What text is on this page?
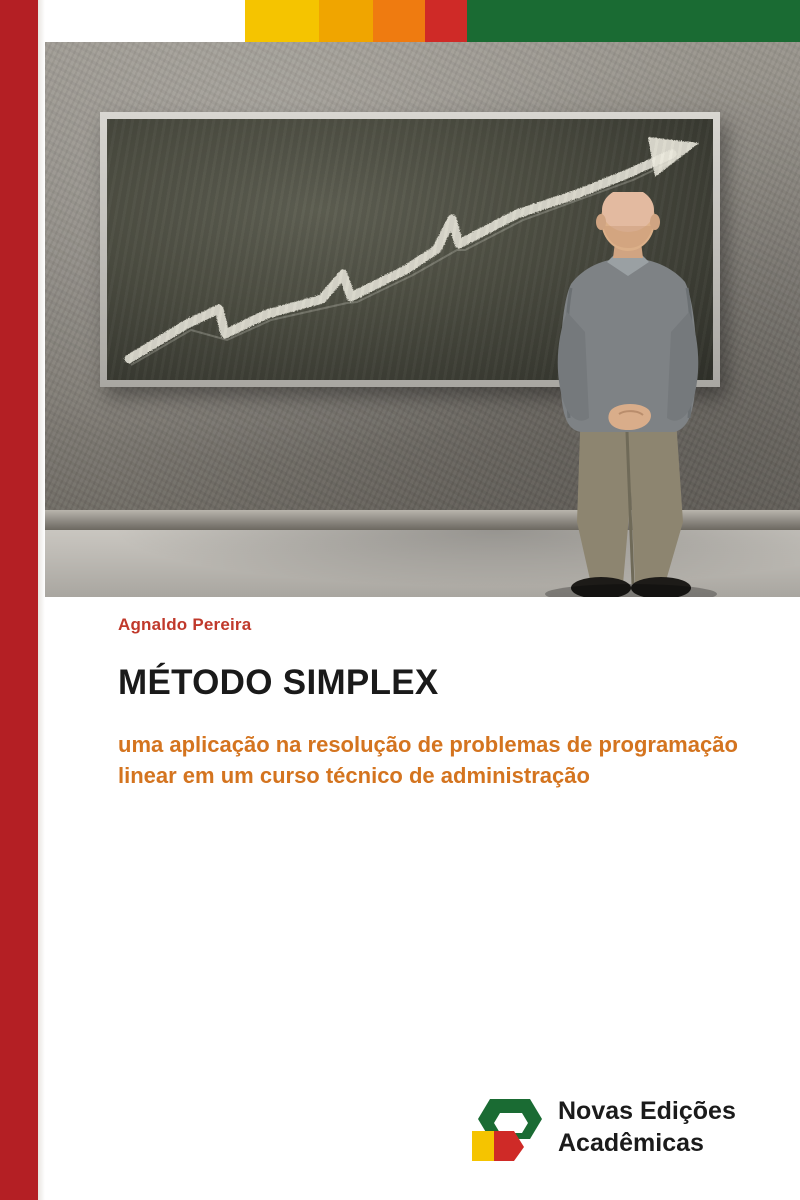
Agnaldo Pereira

MÉTODO SIMPLEX

uma aplicação na resolução de problemas de programação linear em um curso técnico de administração

Novas Edições
Acadêmicas
